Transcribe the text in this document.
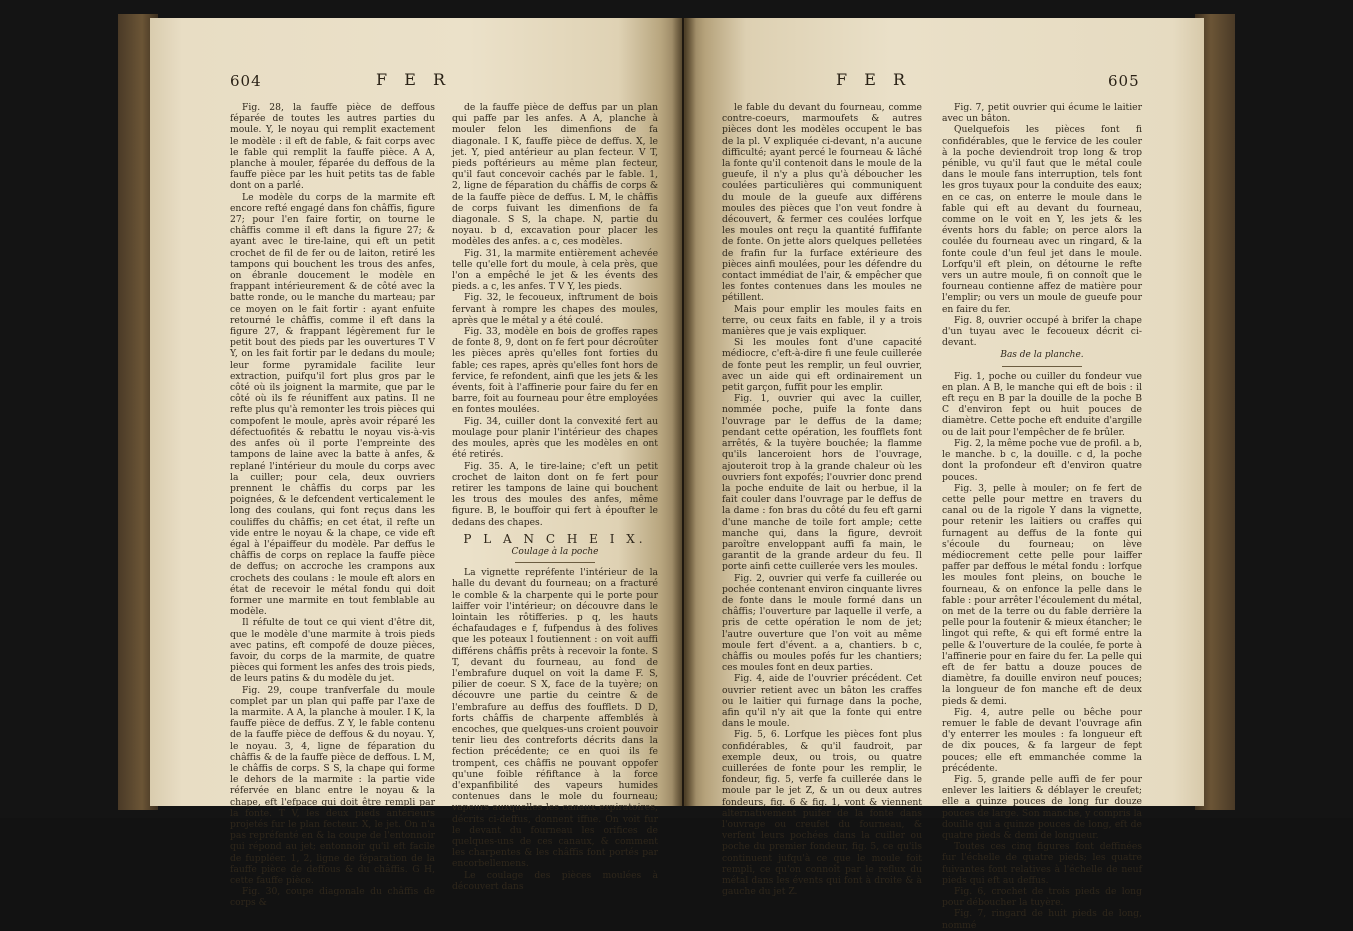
604	F E R

Fig. 28, la fauffe pièce de deffous féparée de toutes les autres parties du moule. Y, le noyau qui remplit exactement le modèle : il eft de fable, & fait corps avec le fable qui remplit la fauffe pièce. A A, planche à mouler, féparée du deffous de la fauffe pièce par les huit petits tas de fable dont on a parlé.

Le modèle du corps de la marmite eft encore refté engagé dans fon châffis, figure 27; pour l'en faire fortir, on tourne le châffis comme il eft dans la figure 27; & ayant avec le tire-laine, qui eft un petit crochet de fil de fer ou de laiton, retiré les tampons qui bouchent les trous des anfes, on ébranle doucement le modèle en frappant intérieurement & de côté avec la batte ronde, ou le manche du marteau; par ce moyen on le fait fortir : ayant enfuite retourné le châffis, comme il eft dans la figure 27, & frappant légèrement fur le petit bout des pieds par les ouvertures T V Y, on les fait fortir par le dedans du moule; leur forme pyramidale facilite leur extraction, puifqu'il fort plus gros par le côté où ils joignent la marmite, que par le côté où ils fe réuniffent aux patins. Il ne refte plus qu'à remonter les trois pièces qui compofent le moule, après avoir réparé les défectuofités & rebattu le noyau vis-à-vis des anfes où il porte l'empreinte des tampons de laine avec la batte à anfes, & replané l'intérieur du moule du corps avec la cuiller; pour cela, deux ouvriers prennent le châffis du corps par les poignées, & le defcendent verticalement le long des coulans, qui font reçus dans les couliffes du châffis; en cet état, il refte un vide entre le noyau & la chape, ce vide eft égal à l'épaiffeur du modèle. Par deffus le châffis de corps on replace la fauffe pièce de deffus; on accroche les crampons aux crochets des coulans : le moule eft alors en état de recevoir le métal fondu qui doit former une marmite en tout femblable au modèle.

Il réfulte de tout ce qui vient d'être dit, que le modèle d'une marmite à trois pieds avec patins, eft compofé de douze pièces, favoir, du corps de la marmite, de quatre pièces qui forment les anfes des trois pieds, de leurs patins & du modèle du jet.

Fig. 29, coupe tranfverfale du moule complet par un plan qui paffe par l'axe de la marmite. A A, la planche à mouler. I K, la fauffe pièce de deffus. Z Y, le fable contenu de la fauffe pièce de deffous & du noyau. Y, le noyau. 3, 4, ligne de féparation du châffis & de la fauffe pièce de deffous. L M, le châffis de corps. S S, la chape qui forme le dehors de la marmite : la partie vide réfervée en blanc entre le noyau & la chape, eft l'efpace qui doit être rempli par la fonte. T V, les deux pieds antérieurs projetés fur le plan fecteur. X, le jet. On n'a pas repréfenté en & la coupe de l'entonnoir qui répond au jet; entonnoir qu'il eft facile de fuppléer. 1, 2, ligne de féparation de la fauffe pièce de deffous & du châffis. G H, cette fauffe pièce.

Fig. 30, coupe diagonale du châffis de corps &

de la fauffe pièce de deffus par un plan qui paffe par les anfes. A A, planche à mouler felon les dimenfions de fa diagonale. I K, fauffe pièce de deffus. X, le jet. Y, pied antérieur au plan fecteur. V T, pieds poftérieurs au même plan fecteur, qu'il faut concevoir cachés par le fable. 1, 2, ligne de féparation du châffis de corps & de la fauffe pièce de deffus. L M, le châffis de corps fuivant les dimenfions de fa diagonale. S S, la chape. N, partie du noyau. b d, excavation pour placer les modèles des anfes. a c, ces modèles.

Fig. 31, la marmite entièrement achevée telle qu'elle fort du moule, à cela près, que l'on a empêché le jet & les évents des pieds. a c, les anfes. T V Y, les pieds.

Fig. 32, le fecoueux, inftrument de bois fervant à rompre les chapes des moules, après que le métal y a été coulé.

Fig. 33, modèle en bois de groffes rapes de fonte 8, 9, dont on fe fert pour décroûter les pièces après qu'elles font forties du fable; ces rapes, après qu'elles font hors de fervice, fe refondent, ainfi que les jets & les évents, foit à l'affinerie pour faire du fer en barre, foit au fourneau pour être employées en fontes moulées.

Fig. 34, cuiller dont la convexité fert au moulage pour planir l'intérieur des chapes des moules, après que les modèles en ont été retirés.

Fig. 35. A, le tire-laine; c'eft un petit crochet de laiton dont on fe fert pour retirer les tampons de laine qui bouchent les trous des moules des anfes, même figure. B, le bouffoir qui fert à époufter le dedans des chapes.

P L A N C H E I X.
Coulage à la poche

La vignette repréfente l'intérieur de la halle du devant du fourneau; on a fracturé le comble & la charpente qui le porte pour laiffer voir l'intérieur; on découvre dans le lointain les rôtifferies. p q, les hauts échafaudages e f, fufpendus à des folives que les poteaux l foutiennent : on voit auffi différens châffis prêts à recevoir la fonte. S T, devant du fourneau, au fond de l'embrafure duquel on voit la dame F. S, pilier de coeur. S X, face de la tuyère; on découvre une partie du ceintre & de l'embrafure au deffus des foufflets. D D, forts châffis de charpente affemblés à encoches, que quelques-uns croient pouvoir tenir lieu des contreforts décrits dans la fection précédente; ce en quoi ils fe trompent, ces châffis ne pouvant oppofer qu'une foible réfiftance à la force d'expanfibilité des vapeurs humides contenues dans le mole du fourneau; vapeurs auxquelles les canaux expiratoires, décrits ci-deffus, donnent iffue. On voit fur le devant du fourneau les orifices de quelques-uns de ces canaux, & comment les charpentes & les châffis font portés par encorbellemens.

Le coulage des pièces moulées à découvert dans

F E R	605

le fable du devant du fourneau, comme contre-coeurs, marmoufets & autres pièces dont les modèles occupent le bas de la pl. V expliquée ci-devant, n'a aucune difficulté; ayant percé le fourneau & lâché la fonte qu'il contenoit dans le moule de la gueufe, il n'y a plus qu'à déboucher les coulées particulières qui communiquent du moule de la gueufe aux différens moules des pièces que l'on veut fondre à découvert, & fermer ces coulées lorfque les moules ont reçu la quantité fuffifante de fonte. On jette alors quelques pelletées de frafin fur la furface extérieure des pièces ainfi moulées, pour les défendre du contact immédiat de l'air, & empêcher que les fontes contenues dans les moules ne pétillent.

Mais pour emplir les moules faits en terre, ou ceux faits en fable, il y a trois manières que je vais expliquer.

Si les moules font d'une capacité médiocre, c'eft-à-dire fi une feule cuillerée de fonte peut les remplir, un feul ouvrier, avec un aide qui eft ordinairement un petit garçon, fuffit pour les emplir.

Fig. 1, ouvrier qui avec la cuiller, nommée poche, puife la fonte dans l'ouvrage par le deffus de la dame; pendant cette opération, les foufflets font arrêtés, & la tuyère bouchée; la flamme qu'ils lanceroient hors de l'ouvrage, ajouteroit trop à la grande chaleur où les ouvriers font expofés; l'ouvrier donc prend la poche enduite de lait ou herbue, il la fait couler dans l'ouvrage par le deffus de la dame : fon bras du côté du feu eft garni d'une manche de toile fort ample; cette manche qui, dans la figure, devroit paroître enveloppant auffi fa main, le garantit de la grande ardeur du feu. Il porte ainfi cette cuillerée vers les moules.

Fig. 2, ouvrier qui verfe fa cuillerée ou pochée contenant environ cinquante livres de fonte dans le moule formé dans un châffis; l'ouverture par laquelle il verfe, a pris de cette opération le nom de jet; l'autre ouverture que l'on voit au même moule fert d'évent. a a, chantiers. b c, châffis ou moules pofés fur les chantiers; ces moules font en deux parties.

Fig. 4, aide de l'ouvrier précédent. Cet ouvrier retient avec un bâton les craffes ou le laitier qui furnage dans la poche, afin qu'il n'y ait que la fonte qui entre dans le moule.

Fig. 5, 6. Lorfque les pièces font plus confidérables, & qu'il faudroit, par exemple deux, ou trois, ou quatre cuillerées de fonte pour les remplir, le fondeur, fig. 5, verfe fa cuillerée dans le moule par le jet Z, & un ou deux autres fondeurs, fig. 6 & fig. 1, vont & viennent alternativement puifer de la fonte dans l'ouvrage ou creufet du fourneau, & verfent leurs pochées dans la cuiller ou poche du premier fondeur, fig. 5, ce qu'ils continuent jufqu'à ce que le moule foit rempli, ce qu'on connoît par le reflux du métal dans les évents qui font à droite & à gauche du jet Z.

Fig. 7, petit ouvrier qui écume le laitier avec un bâton.

Quelquefois les pièces font fi confidérables, que le fervice de les couler à la poche deviendroit trop long & trop pénible, vu qu'il faut que le métal coule dans le moule fans interruption, tels font les gros tuyaux pour la conduite des eaux; en ce cas, on enterre le moule dans le fable qui eft au devant du fourneau, comme on le voit en Y, les jets & les évents hors du fable; on perce alors la coulée du fourneau avec un ringard, & la fonte coule d'un feul jet dans le moule. Lorfqu'il eft plein, on détourne le refte vers un autre moule, fi on connoît que le fourneau contienne affez de matière pour l'emplir; ou vers un moule de gueufe pour en faire du fer.

Fig. 8, ouvrier occupé à brifer la chape d'un tuyau avec le fecoueux décrit ci-devant.

Bas de la planche.

Fig. 1, poche ou cuiller du fondeur vue en plan. A B, le manche qui eft de bois : il eft reçu en B par la douille de la poche B C d'environ fept ou huit pouces de diamètre. Cette poche eft enduite d'argille ou de lait pour l'empêcher de fe brûler.

Fig. 2, la même poche vue de profil. a b, le manche. b c, la douille. c d, la poche dont la profondeur eft d'environ quatre pouces.

Fig. 3, pelle à mouler; on fe fert de cette pelle pour mettre en travers du canal ou de la rigole Y dans la vignette, pour retenir les laitiers ou craffes qui furnagent au deffus de la fonte qui s'écoule du fourneau; on lève médiocrement cette pelle pour laiffer paffer par deffous le métal fondu : lorfque les moules font pleins, on bouche le fourneau, & on enfonce la pelle dans le fable : pour arrêter l'écoulement du métal, on met de la terre ou du fable derrière la pelle pour la foutenir & mieux étancher; le lingot qui refte, & qui eft formé entre la pelle & l'ouverture de la coulée, fe porte à l'affinerie pour en faire du fer. La pelle qui eft de fer battu a douze pouces de diamètre, fa douille environ neuf pouces; la longueur de fon manche eft de deux pieds & demi.

Fig. 4, autre pelle ou bêche pour remuer le fable de devant l'ouvrage afin d'y enterrer les moules : fa longueur eft de dix pouces, & fa largeur de fept pouces; elle eft emmanchée comme la précédente.

Fig. 5, grande pelle auffi de fer pour enlever les laitiers & déblayer le creufet; elle a quinze pouces de long fur douze pouces de large. Son manche, y compris la douille qui a quinze pouces de long, eft de quatre pieds & demi de longueur.

Toutes ces cinq figures font deffinées fur l'échelle de quatre pieds; les quatre fuivantes font relatives à l'échelle de neuf pieds qui eft au deffus.

Fig. 6, crochet de trois pieds de long pour déboucher la tuyère.

Fig. 7, ringard de huit pieds de long, nommé
